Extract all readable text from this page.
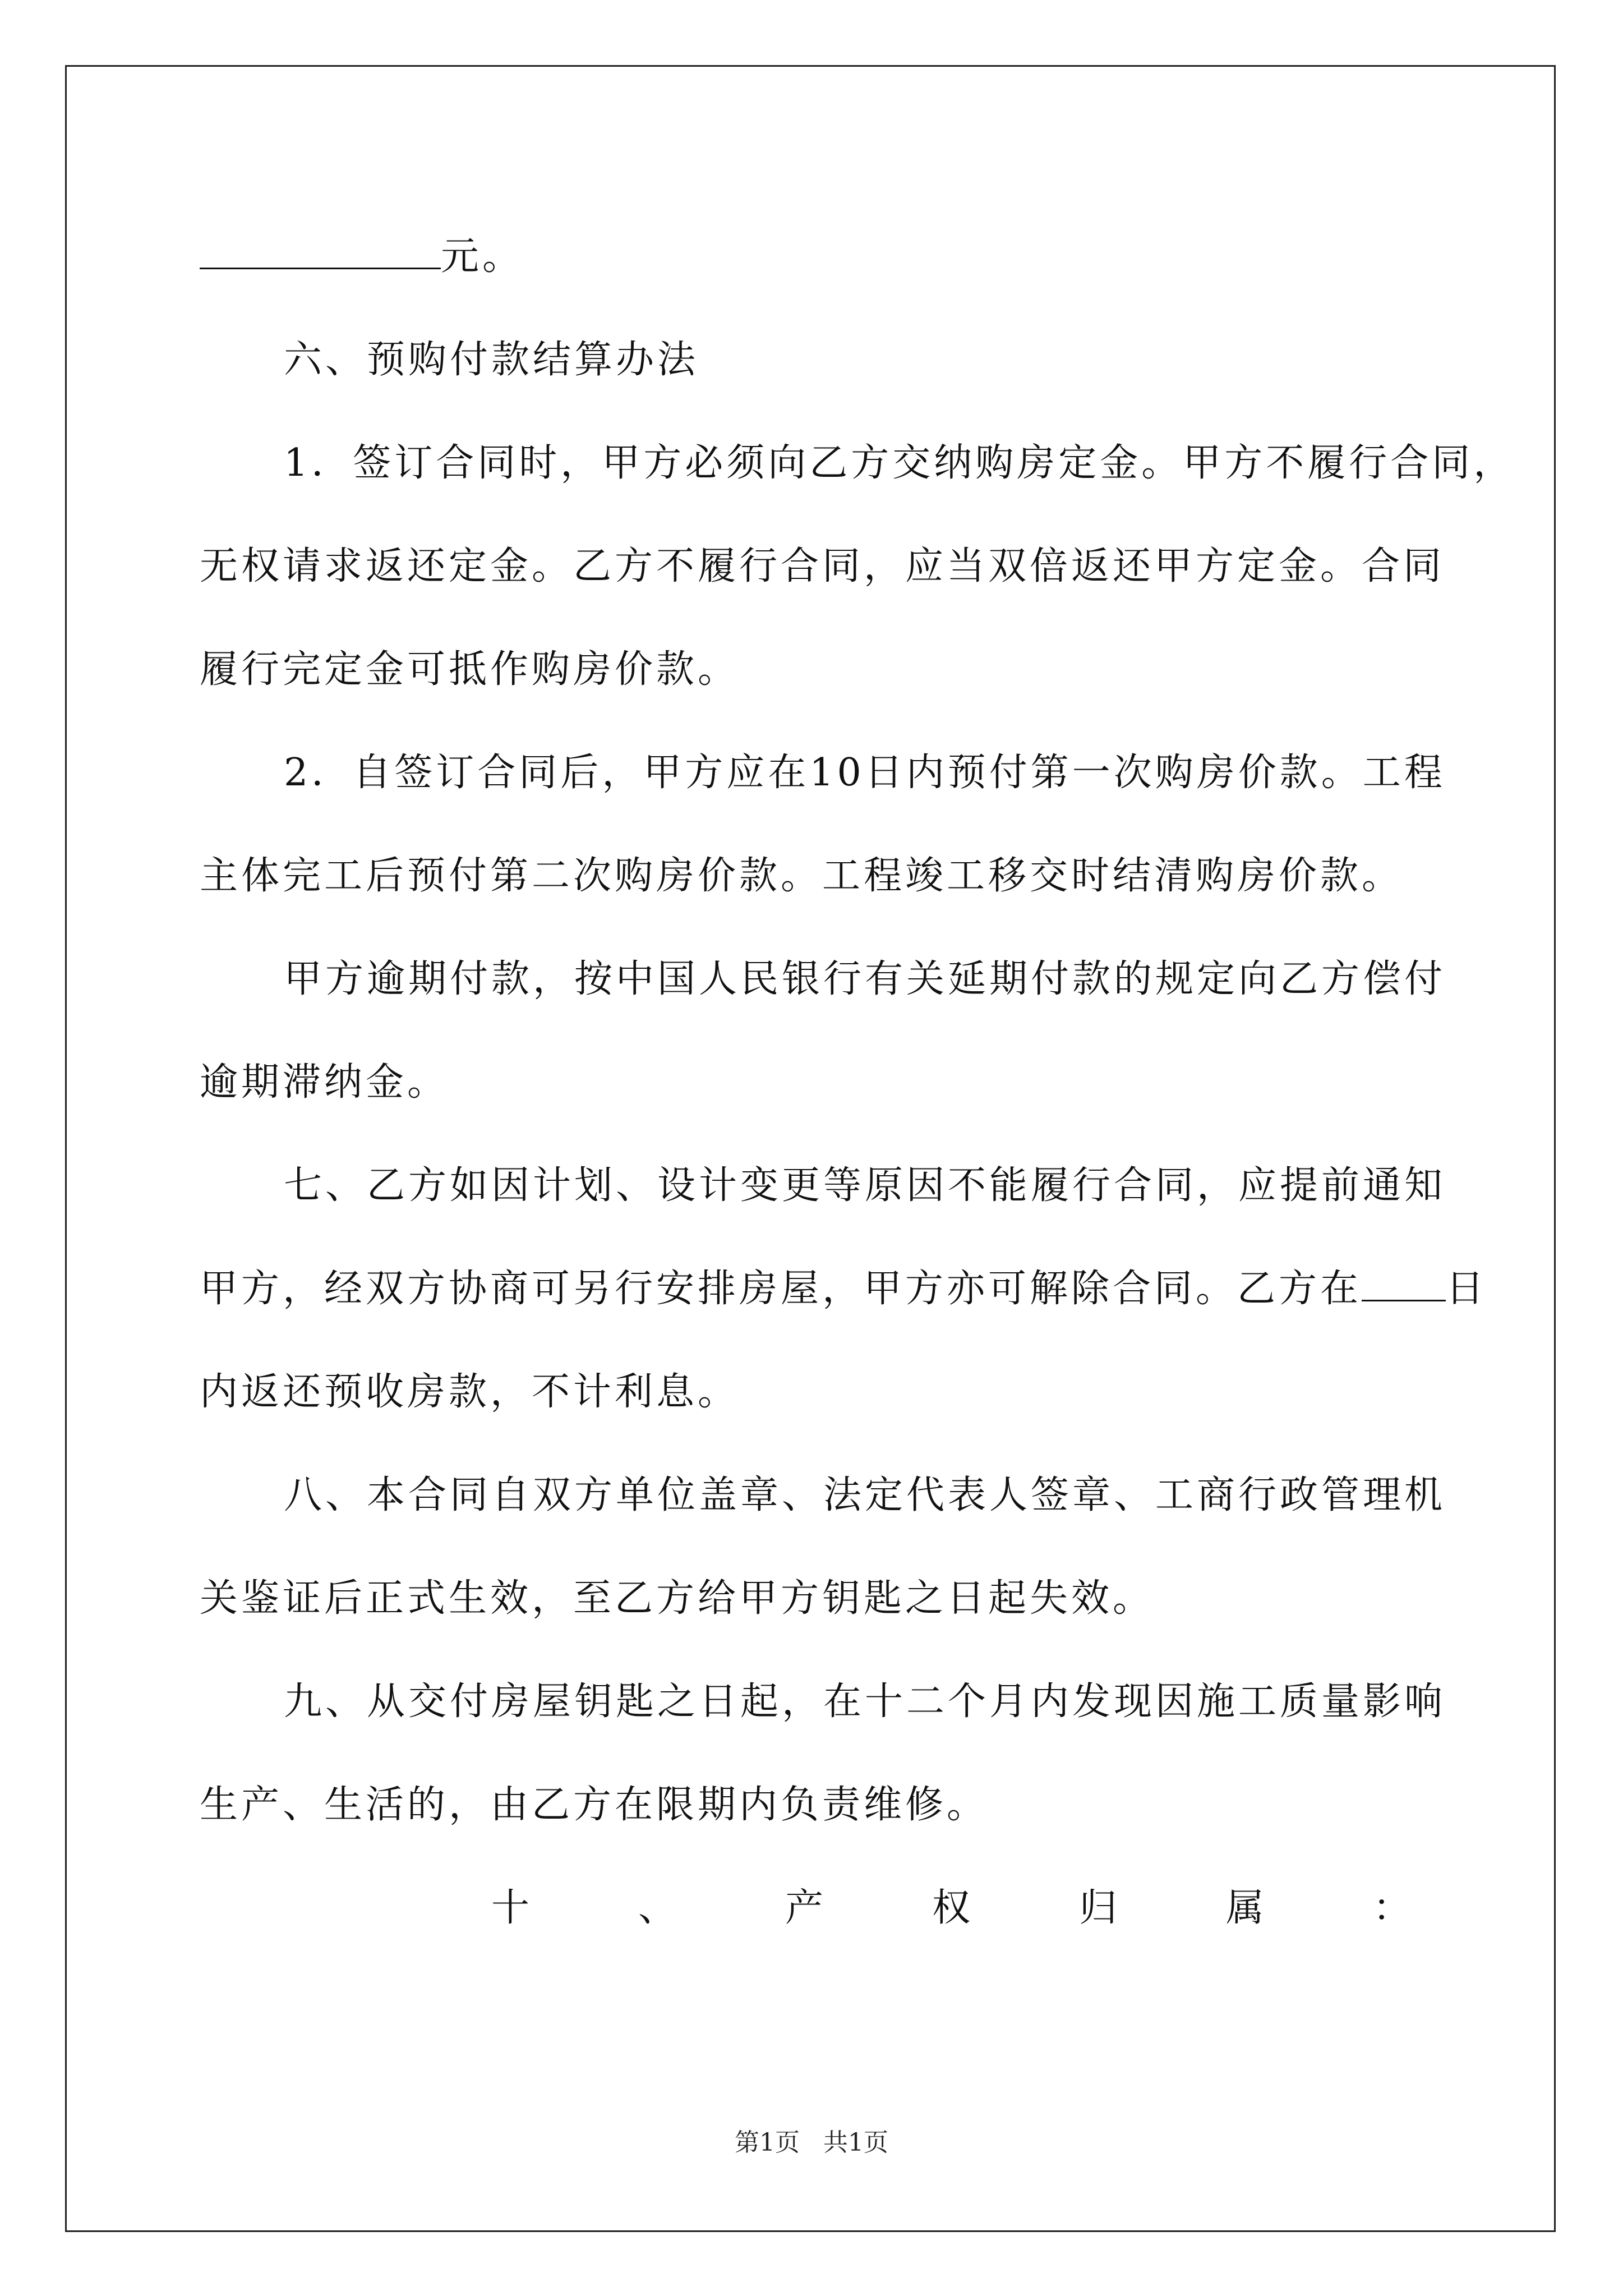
元。
六、预购付款结算办法
1．签订合同时，甲方必须向乙方交纳购房定金。甲方不履行合同，
无权请求返还定金。乙方不履行合同，应当双倍返还甲方定金。合同
履行完定金可抵作购房价款。
2．自签订合同后，甲方应在10日内预付第一次购房价款。工程
主体完工后预付第二次购房价款。工程竣工移交时结清购房价款。
甲方逾期付款，按中国人民银行有关延期付款的规定向乙方偿付
逾期滞纳金。
七、乙方如因计划、设计变更等原因不能履行合同，应提前通知
甲方，经双方协商可另行安排房屋，甲方亦可解除合同。乙方在 日
内返还预收房款，不计利息。
八、本合同自双方单位盖章、法定代表人签章、工商行政管理机
关鉴证后正式生效，至乙方给甲方钥匙之日起失效。
九、从交付房屋钥匙之日起，在十二个月内发现因施工质量影响
生产、生活的，由乙方在限期内负责维修。
十	、	产	权	归	属	：
第1页 共1页
